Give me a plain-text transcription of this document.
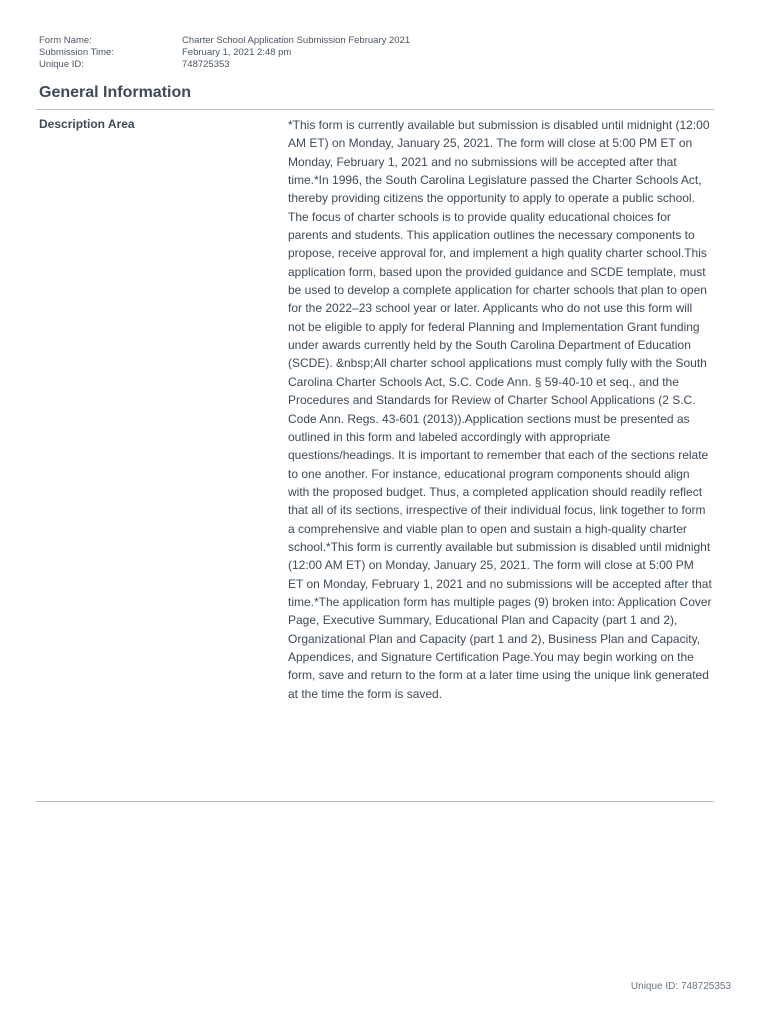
Form Name:	Charter School Application Submission February 2021
Submission Time:	February 1, 2021 2:48 pm
Unique ID:	748725353
General Information
Description Area	*This form is currently available but submission is disabled until midnight (12:00 AM ET) on Monday, January 25, 2021. The form will close at 5:00 PM ET on Monday, February 1, 2021 and no submissions will be accepted after that time.*In 1996, the South Carolina Legislature passed the Charter Schools Act, thereby providing citizens the opportunity to apply to operate a public school. The focus of charter schools is to provide quality educational choices for parents and students. This application outlines the necessary components to propose, receive approval for, and implement a high quality charter school.This application form, based upon the provided guidance and SCDE template, must be used to develop a complete application for charter schools that plan to open for the 2022–23 school year or later. Applicants who do not use this form will not be eligible to apply for federal Planning and Implementation Grant funding under awards currently held by the South Carolina Department of Education (SCDE). &nbsp;All charter school applications must comply fully with the South Carolina Charter Schools Act, S.C. Code Ann. § 59-40-10 et seq., and the Procedures and Standards for Review of Charter School Applications (2 S.C. Code Ann. Regs. 43-601 (2013)).Application sections must be presented as outlined in this form and labeled accordingly with appropriate questions/headings. It is important to remember that each of the sections relate to one another. For instance, educational program components should align with the proposed budget. Thus, a completed application should readily reflect that all of its sections, irrespective of their individual focus, link together to form a comprehensive and viable plan to open and sustain a high-quality charter school.*This form is currently available but submission is disabled until midnight (12:00 AM ET) on Monday, January 25, 2021. The form will close at 5:00 PM ET on Monday, February 1, 2021 and no submissions will be accepted after that time.*The application form has multiple pages (9) broken into: Application Cover Page, Executive Summary, Educational Plan and Capacity (part 1 and 2), Organizational Plan and Capacity (part 1 and 2), Business Plan and Capacity, Appendices, and Signature Certification Page.You may begin working on the form, save and return to the form at a later time using the unique link generated at the time the form is saved.
Unique ID: 748725353
